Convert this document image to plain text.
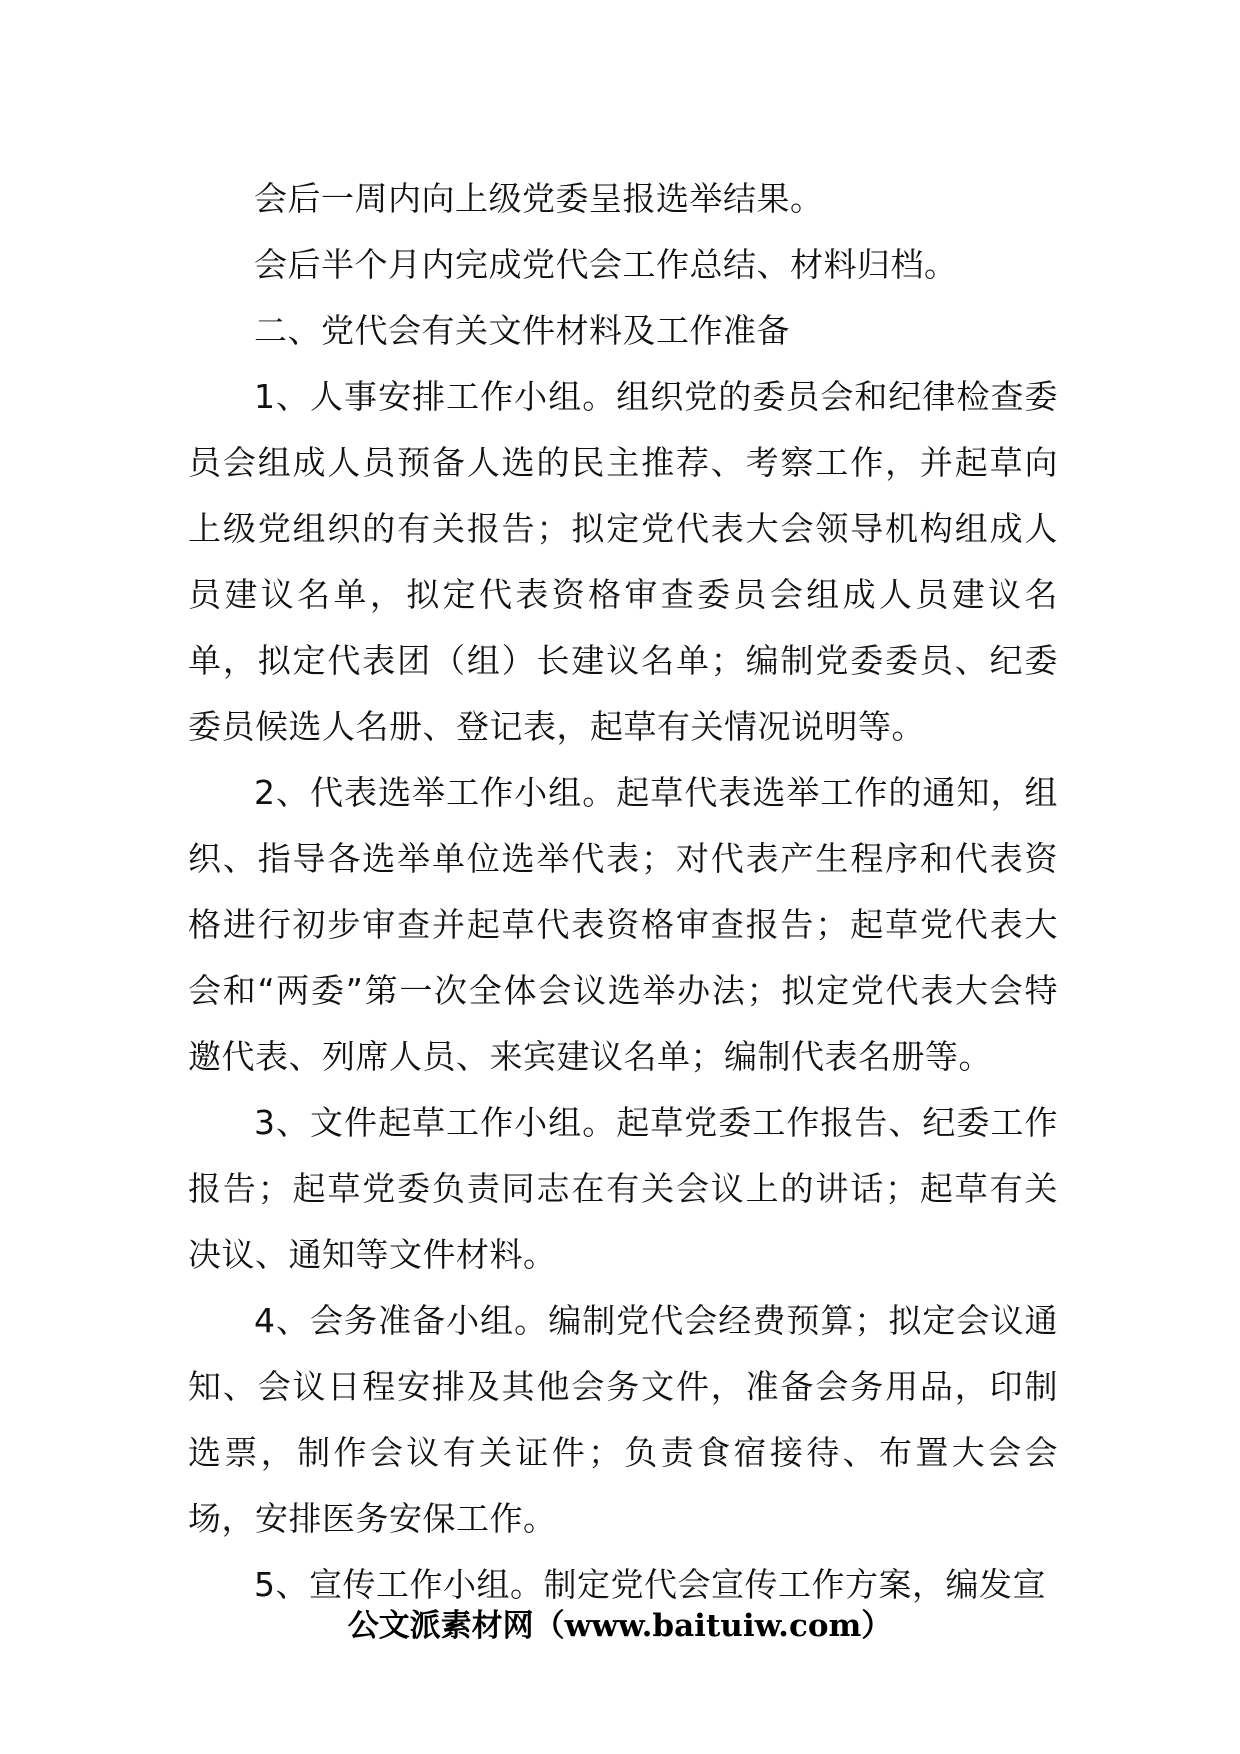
会后一周内向上级党委呈报选举结果。

会后半个月内完成党代会工作总结、材料归档。

二、党代会有关文件材料及工作准备

1、人事安排工作小组。组织党的委员会和纪律检查委员会组成人员预备人选的民主推荐、考察工作，并起草向上级党组织的有关报告；拟定党代表大会领导机构组成人员建议名单，拟定代表资格审查委员会组成人员建议名单，拟定代表团（组）长建议名单；编制党委委员、纪委委员候选人名册、登记表，起草有关情况说明等。

2、代表选举工作小组。起草代表选举工作的通知，组织、指导各选举单位选举代表；对代表产生程序和代表资格进行初步审查并起草代表资格审查报告；起草党代表大会和“两委”第一次全体会议选举办法；拟定党代表大会特邀代表、列席人员、来宾建议名单；编制代表名册等。

3、文件起草工作小组。起草党委工作报告、纪委工作报告；起草党委负责同志在有关会议上的讲话；起草有关决议、通知等文件材料。

4、会务准备小组。编制党代会经费预算；拟定会议通知、会议日程安排及其他会务文件，准备会务用品，印制选票，制作会议有关证件；负责食宿接待、布置大会会场，安排医务安保工作。

5、宣传工作小组。制定党代会宣传工作方案，编发宣

公文派素材网（www.baituiw.com）
